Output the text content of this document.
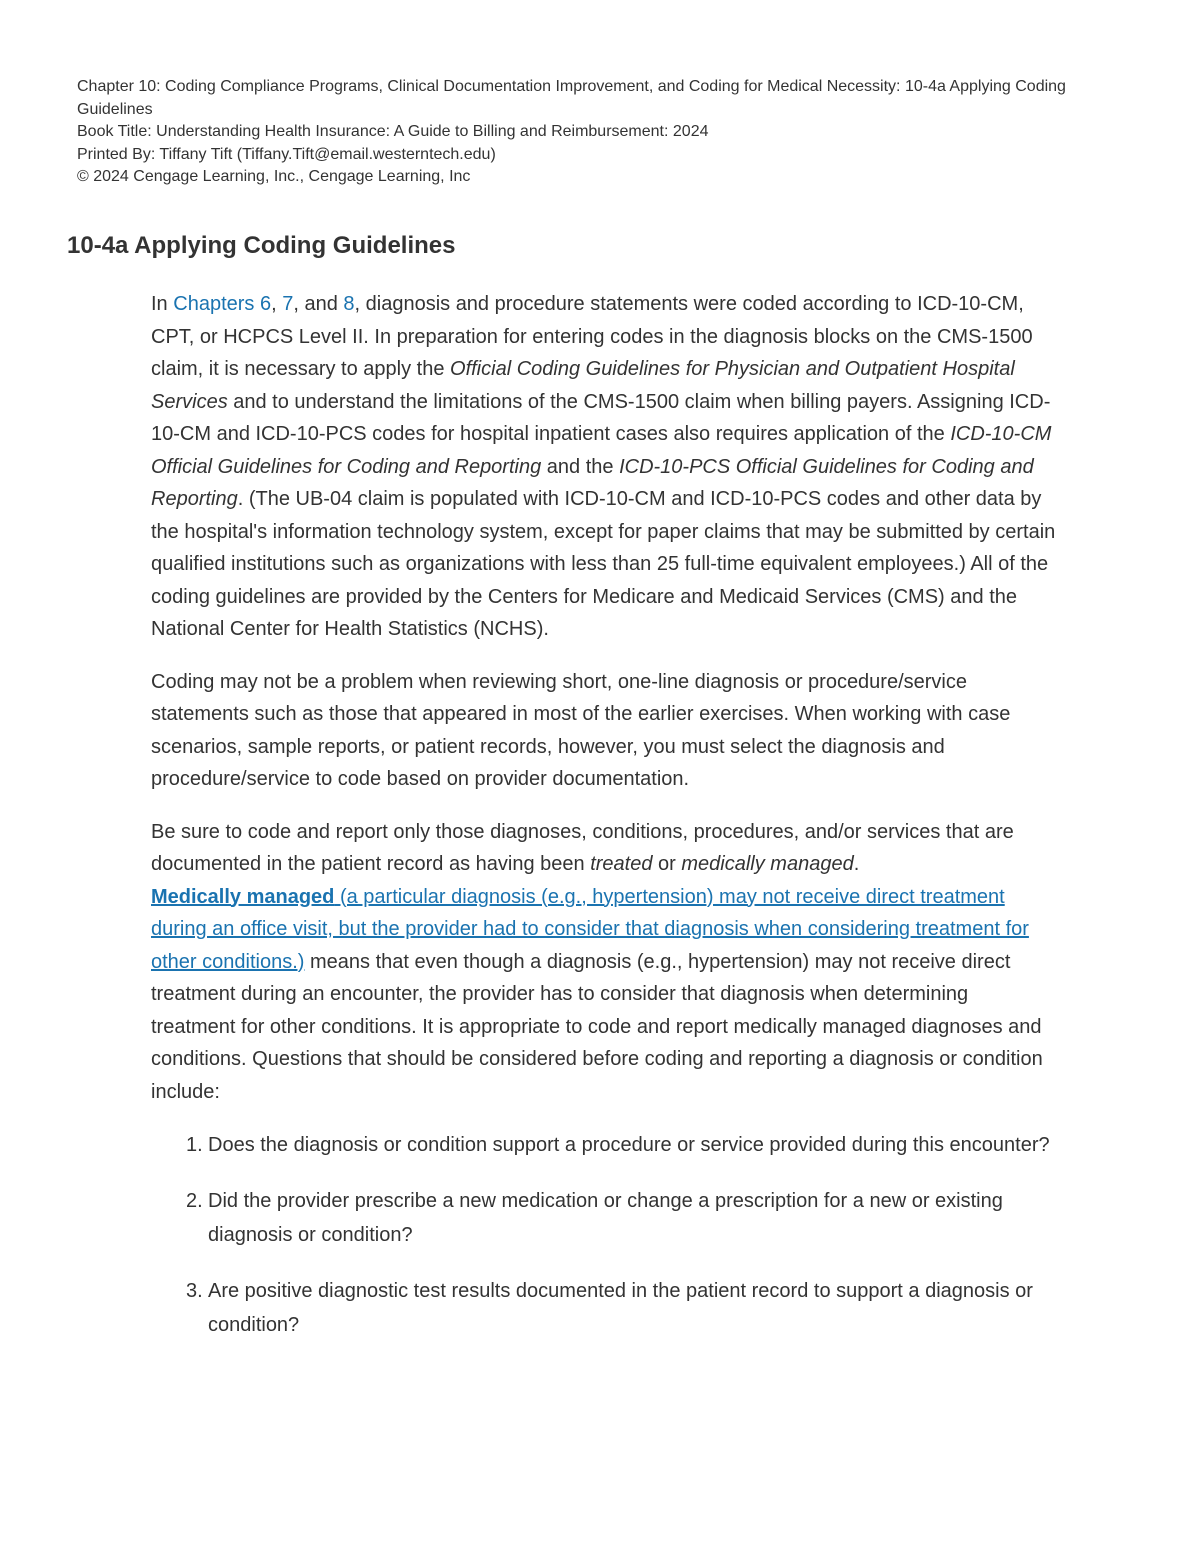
Chapter 10: Coding Compliance Programs, Clinical Documentation Improvement, and Coding for Medical Necessity: 10-4a Applying Coding Guidelines
Book Title: Understanding Health Insurance: A Guide to Billing and Reimbursement: 2024
Printed By: Tiffany Tift (Tiffany.Tift@email.westerntech.edu)
© 2024 Cengage Learning, Inc., Cengage Learning, Inc
10-4a Applying Coding Guidelines

In Chapters 6, 7, and 8, diagnosis and procedure statements were coded according to ICD-10-CM, CPT, or HCPCS Level II. In preparation for entering codes in the diagnosis blocks on the CMS-1500 claim, it is necessary to apply the Official Coding Guidelines for Physician and Outpatient Hospital Services and to understand the limitations of the CMS-1500 claim when billing payers. Assigning ICD-10-CM and ICD-10-PCS codes for hospital inpatient cases also requires application of the ICD-10-CM Official Guidelines for Coding and Reporting and the ICD-10-PCS Official Guidelines for Coding and Reporting. (The UB-04 claim is populated with ICD-10-CM and ICD-10-PCS codes and other data by the hospital's information technology system, except for paper claims that may be submitted by certain qualified institutions such as organizations with less than 25 full-time equivalent employees.) All of the coding guidelines are provided by the Centers for Medicare and Medicaid Services (CMS) and the National Center for Health Statistics (NCHS).

Coding may not be a problem when reviewing short, one-line diagnosis or procedure/service statements such as those that appeared in most of the earlier exercises. When working with case scenarios, sample reports, or patient records, however, you must select the diagnosis and procedure/service to code based on provider documentation.

Be sure to code and report only those diagnoses, conditions, procedures, and/or services that are documented in the patient record as having been treated or medically managed.
Medically managed (a particular diagnosis (e.g., hypertension) may not receive direct treatment during an office visit, but the provider had to consider that diagnosis when considering treatment for other conditions.) means that even though a diagnosis (e.g., hypertension) may not receive direct treatment during an encounter, the provider has to consider that diagnosis when determining treatment for other conditions. It is appropriate to code and report medically managed diagnoses and conditions. Questions that should be considered before coding and reporting a diagnosis or condition include:

1. Does the diagnosis or condition support a procedure or service provided during this encounter?
2. Did the provider prescribe a new medication or change a prescription for a new or existing diagnosis or condition?
3. Are positive diagnostic test results documented in the patient record to support a diagnosis or condition?
